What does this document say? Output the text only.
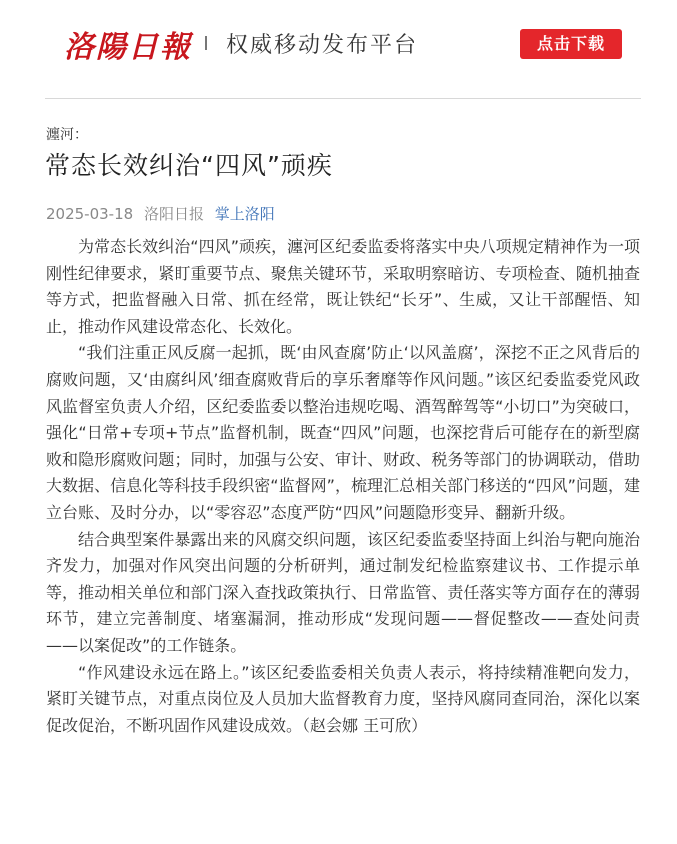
洛陽日報 权威移动发布平台	点击下载
瀍河：
常态长效纠治“四风”顽疾
2025-03-18 洛阳日报 掌上洛阳

为常态长效纠治“四风”顽疾，瀍河区纪委监委将落实中央八项规定精神作为一项刚性纪律要求，紧盯重要节点、聚焦关键环节，采取明察暗访、专项检查、随机抽查等方式，把监督融入日常、抓在经常，既让铁纪“长牙”、生威，又让干部醒悟、知止，推动作风建设常态化、长效化。

“我们注重正风反腐一起抓，既‘由风查腐’防止‘以风盖腐’，深挖不正之风背后的腐败问题，又‘由腐纠风’细查腐败背后的享乐奢靡等作风问题。”该区纪委监委党风政风监督室负责人介绍，区纪委监委以整治违规吃喝、酒驾醉驾等“小切口”为突破口，强化“日常+专项+节点”监督机制，既查“四风”问题，也深挖背后可能存在的新型腐败和隐形腐败问题；同时，加强与公安、审计、财政、税务等部门的协调联动，借助大数据、信息化等科技手段织密“监督网”，梳理汇总相关部门移送的“四风”问题，建立台账、及时分办，以“零容忍”态度严防“四风”问题隐形变异、翻新升级。

结合典型案件暴露出来的风腐交织问题，该区纪委监委坚持面上纠治与靶向施治齐发力，加强对作风突出问题的分析研判，通过制发纪检监察建议书、工作提示单等，推动相关单位和部门深入查找政策执行、日常监管、责任落实等方面存在的薄弱环节，建立完善制度、堵塞漏洞，推动形成“发现问题——督促整改——查处问责——以案促改”的工作链条。

“作风建设永远在路上。”该区纪委监委相关负责人表示，将持续精准靶向发力，紧盯关键节点，对重点岗位及人员加大监督教育力度，坚持风腐同查同治，深化以案促改促治，不断巩固作风建设成效。（赵会娜 王可欣）
